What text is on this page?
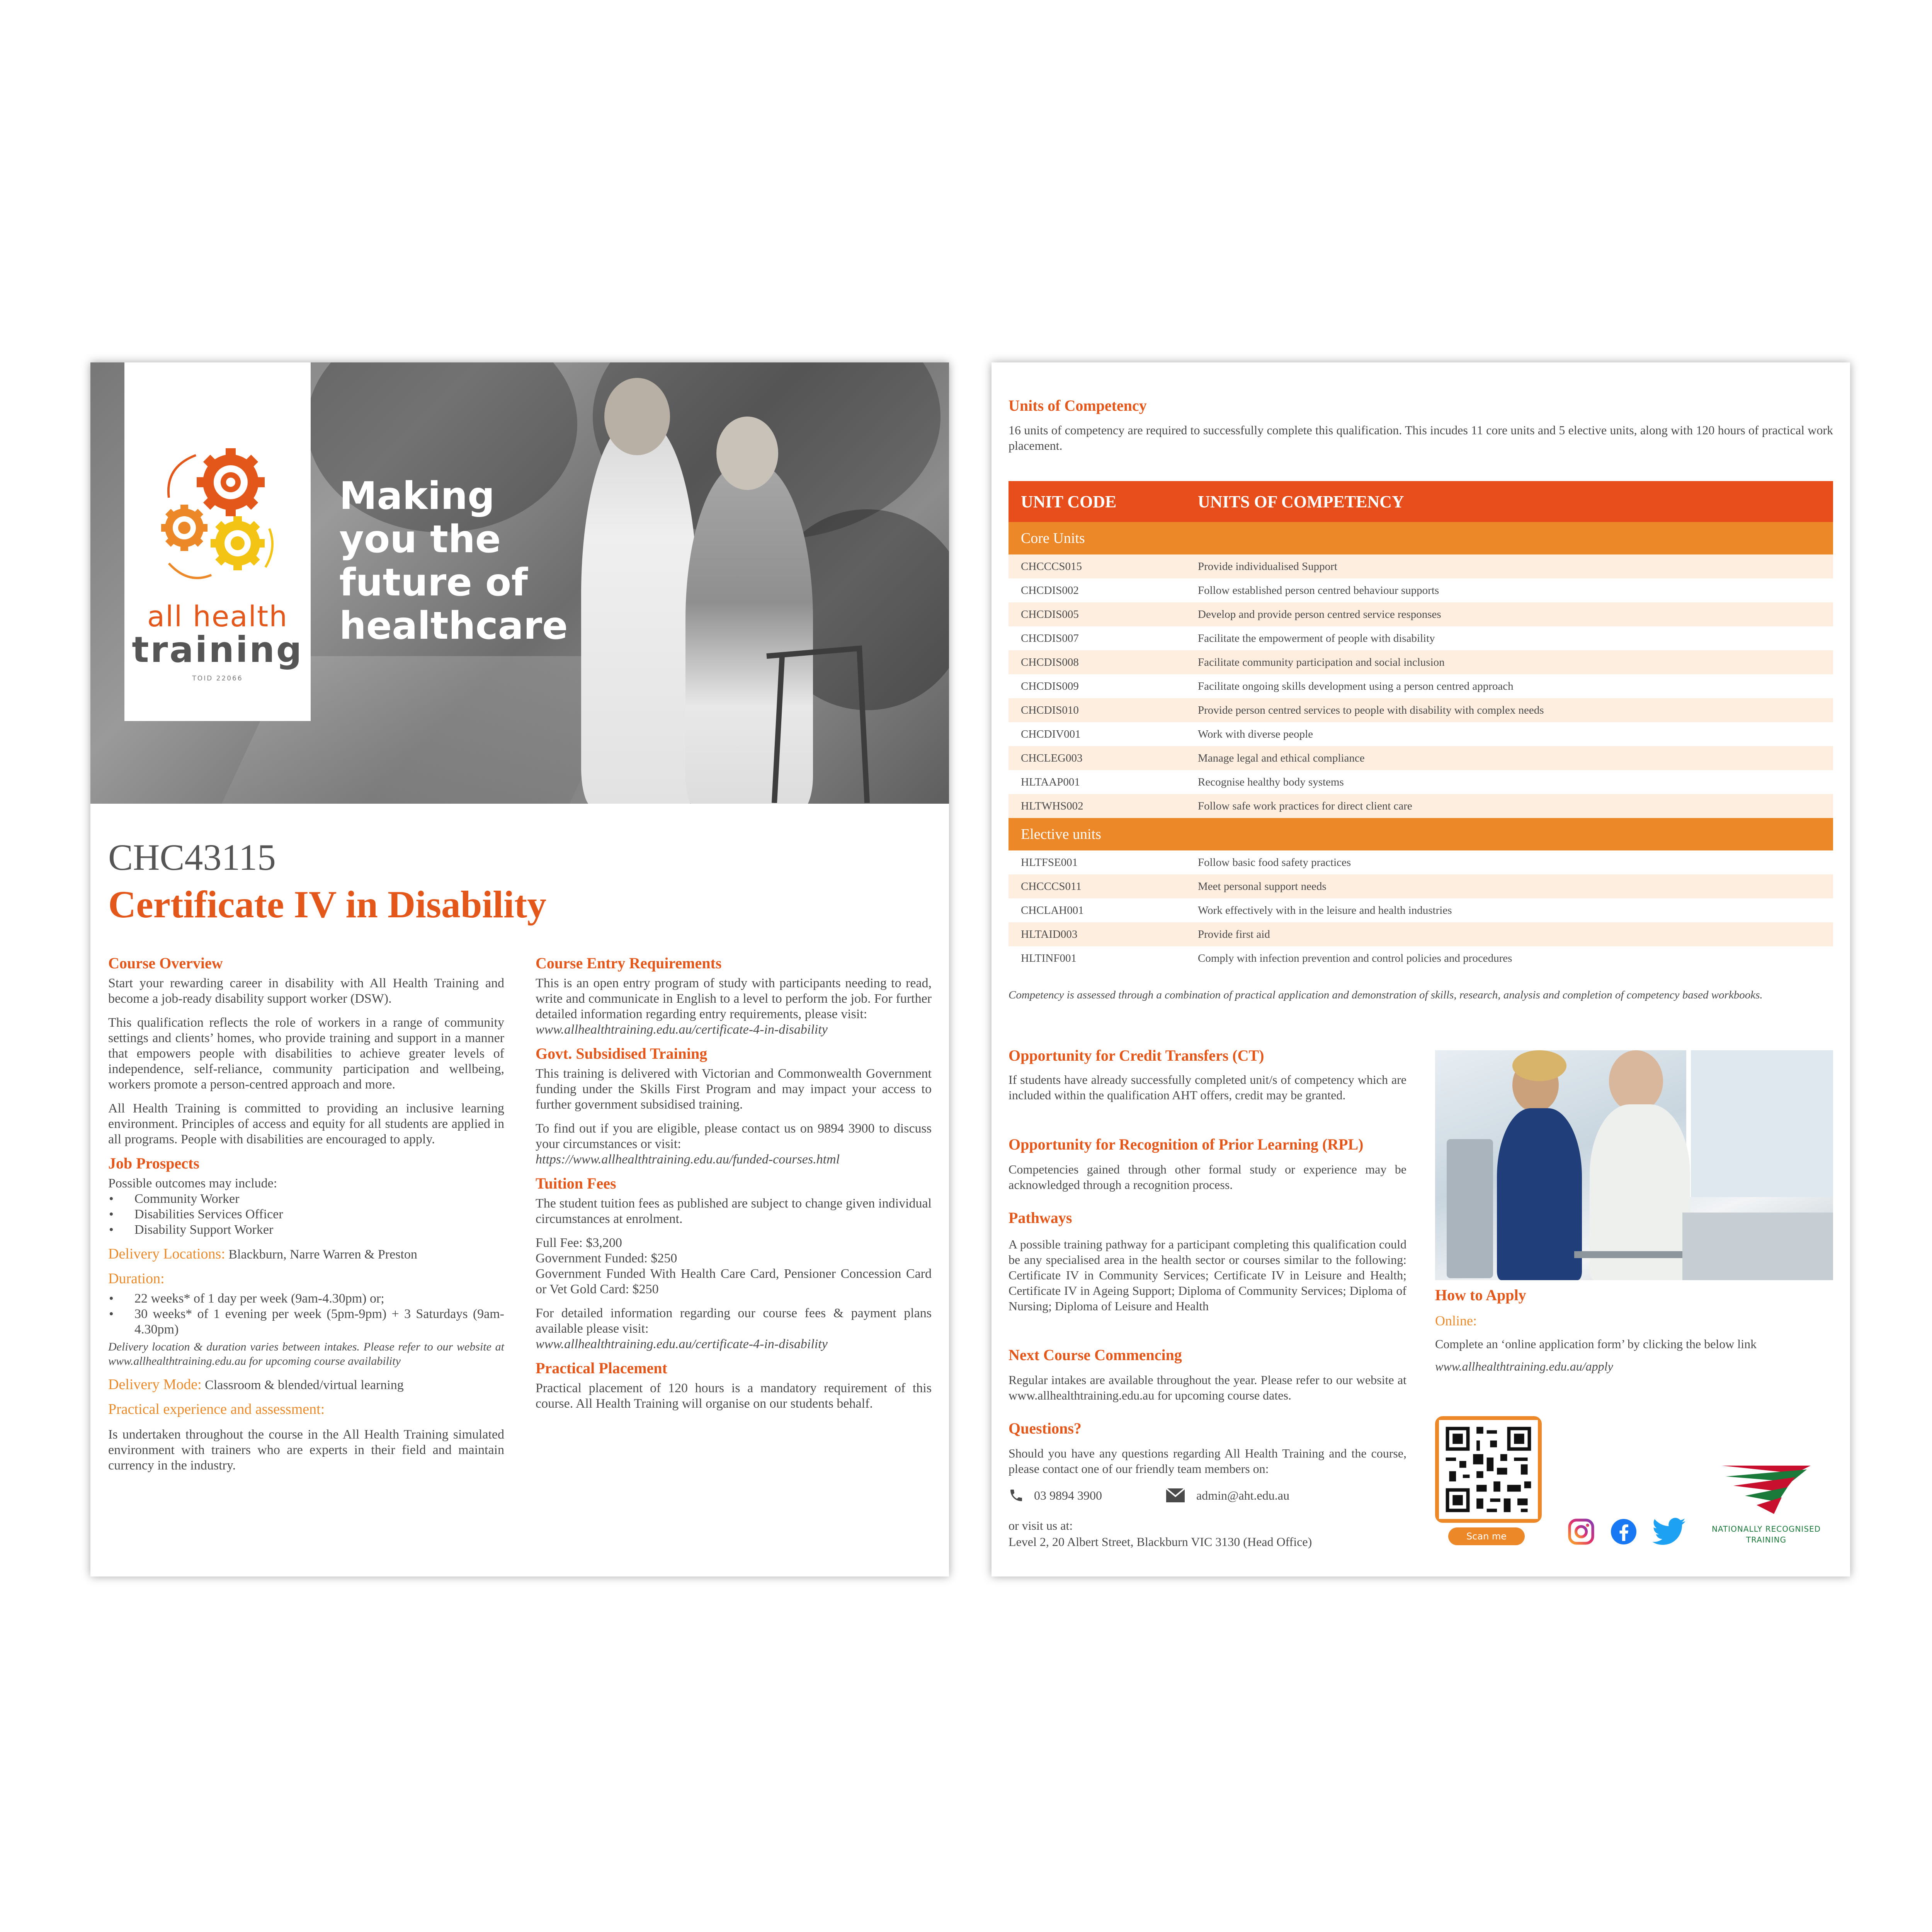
all health
training
TOID 22066
Making
you the
future of
healthcare
CHC43115
Certificate IV in Disability
Course Overview
Start your rewarding career in disability with All Health Training and become a job-ready disability support worker (DSW).
This qualification reflects the role of workers in a range of community settings and clients’ homes, who provide training and support in a manner that empowers people with disabilities to achieve greater levels of independence, self-reliance, community participation and wellbeing, workers promote a person-centred approach and more.
All Health Training is committed to providing an inclusive learning environment. Principles of access and equity for all students are applied in all programs. People with disabilities are encouraged to apply.
Job Prospects
Possible outcomes may include:
• Community Worker
• Disabilities Services Officer
• Disability Support Worker
Delivery Locations: Blackburn, Narre Warren & Preston
Duration:
• 22 weeks* of 1 day per week (9am-4.30pm) or;
• 30 weeks* of 1 evening per week (5pm-9pm) + 3 Saturdays (9am-4.30pm)
Delivery location & duration varies between intakes. Please refer to our website at www.allhealthtraining.edu.au for upcoming course availability
Delivery Mode: Classroom & blended/virtual learning
Practical experience and assessment:
Is undertaken throughout the course in the All Health Training simulated environment with trainers who are experts in their field and maintain currency in the industry.
Course Entry Requirements
This is an open entry program of study with participants needing to read, write and communicate in English to a level to perform the job. For further detailed information regarding entry requirements, please visit:
www.allhealthtraining.edu.au/certificate-4-in-disability
Govt. Subsidised Training
This training is delivered with Victorian and Commonwealth Government funding under the Skills First Program and may impact your access to further government subsidised training.
To find out if you are eligible, please contact us on 9894 3900 to discuss your circumstances or visit:
https://www.allhealthtraining.edu.au/funded-courses.html
Tuition Fees
The student tuition fees as published are subject to change given individual circumstances at enrolment.
Full Fee: $3,200
Government Funded: $250
Government Funded With Health Care Card, Pensioner Concession Card or Vet Gold Card: $250
For detailed information regarding our course fees & payment plans available please visit:
www.allhealthtraining.edu.au/certificate-4-in-disability
Practical Placement
Practical placement of 120 hours is a mandatory requirement of this course. All Health Training will organise on our students behalf.
Units of Competency
16 units of competency are required to successfully complete this qualification. This incudes 11 core units and 5 elective units, along with 120 hours of practical work placement.
UNIT CODE	UNITS OF COMPETENCY
Core Units	
CHCCCS015	Provide individualised Support
CHCDIS002	Follow established person centred behaviour supports
CHCDIS005	Develop and provide person centred service responses
CHCDIS007	Facilitate the empowerment of people with disability
CHCDIS008	Facilitate community participation and social inclusion
CHCDIS009	Facilitate ongoing skills development using a person centred approach
CHCDIS010	Provide person centred services to people with disability with complex needs
CHCDIV001	Work with diverse people
CHCLEG003	Manage legal and ethical compliance
HLTAAP001	Recognise healthy body systems
HLTWHS002	Follow safe work practices for direct client care
Elective units	
HLTFSE001	Follow basic food safety practices
CHCCCS011	Meet personal support needs
CHCLAH001	Work effectively with in the leisure and health industries
HLTAID003	Provide first aid
HLTINF001	Comply with infection prevention and control policies and procedures
Competency is assessed through a combination of practical application and demonstration of skills, research, analysis and completion of competency based workbooks.
Opportunity for Credit Transfers (CT)
If students have already successfully completed unit/s of competency which are included within the qualification AHT offers, credit may be granted.
Opportunity for Recognition of Prior Learning (RPL)
Competencies gained through other formal study or experience may be acknowledged through a recognition process.
Pathways
A possible training pathway for a participant completing this qualification could be any specialised area in the health sector or courses similar to the following: Certificate IV in Community Services; Certificate IV in Leisure and Health; Certificate IV in Ageing Support; Diploma of Community Services; Diploma of Nursing; Diploma of Leisure and Health
Next Course Commencing
Regular intakes are available throughout the year. Please refer to our website at www.allhealthtraining.edu.au for upcoming course dates.
Questions?
Should you have any questions regarding All Health Training and the course, please contact one of our friendly team members on:
03 9894 3900	admin@aht.edu.au
or visit us at:
Level 2, 20 Albert Street, Blackburn VIC 3130 (Head Office)
How to Apply
Online:
Complete an ‘online application form’ by clicking the below link
www.allhealthtraining.edu.au/apply
Scan me
NATIONALLY RECOGNISED
TRAINING
